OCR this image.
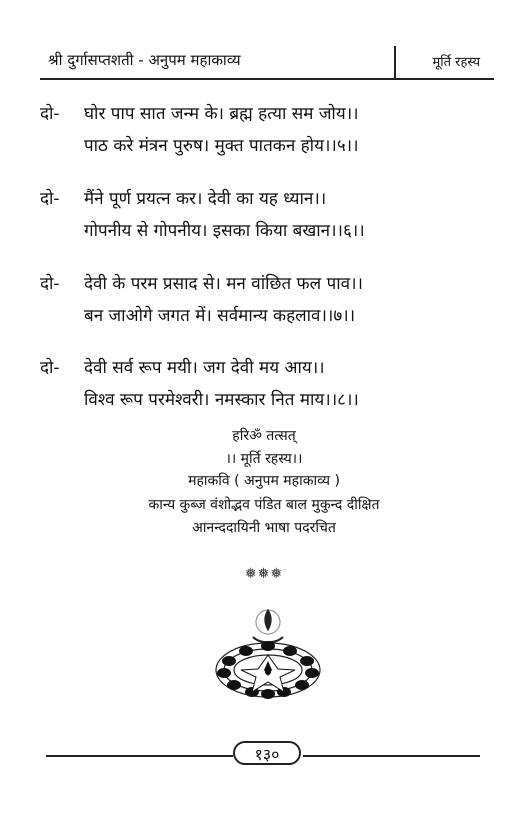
श्री दुर्गासप्तशती - अनुपम महाकाव्य	मूर्ति रहस्य
दो- घोर पाप सात जन्म के। ब्रह्म हत्या सम जोय।।
पाठ करे मंत्रन पुरुष। मुक्त पातकन होय।।५।।
दो- मैंने पूर्ण प्रयत्न कर। देवी का यह ध्यान।।
गोपनीय से गोपनीय। इसका किया बखान।।६।।
दो- देवी के परम प्रसाद से। मन वांछित फल पाव।।
बन जाओगे जगत में। सर्वमान्य कहलाव।।७।।
दो- देवी सर्व रूप मयी। जग देवी मय आय।।
विश्व रूप परमेश्वरी। नमस्कार नित माय।।८।।
हरिॐ तत्सत्
।। मूर्ति रहस्य।।
महाकवि ( अनुपम महाकाव्य )
कान्य कुब्ज वंशोद्भव पंडित बाल मुकुन्द दीक्षित
आनन्ददायिनी भाषा पदरचित
❅❅❅
१३०
